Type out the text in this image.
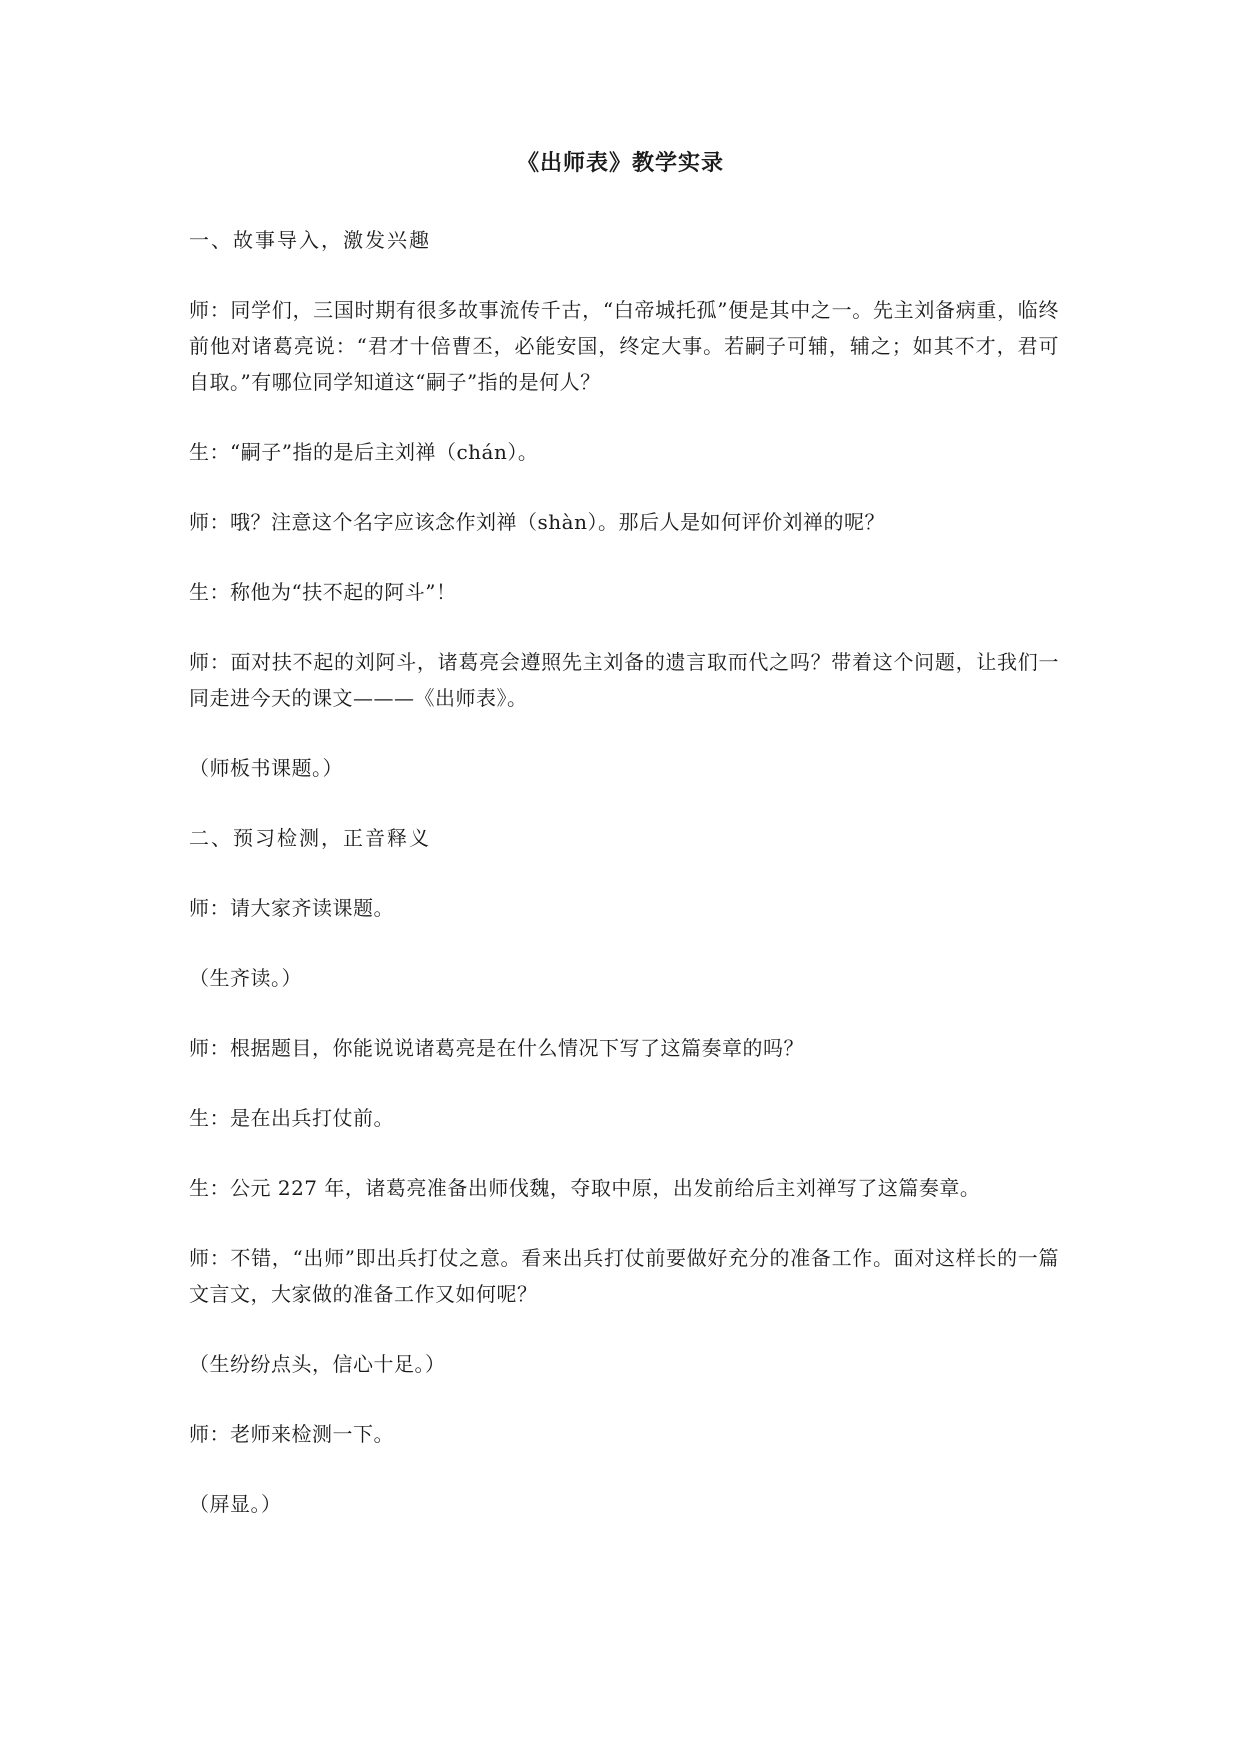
《出师表》教学实录

一、故事导入，激发兴趣

师：同学们，三国时期有很多故事流传千古，“白帝城托孤”便是其中之一。先主刘备病重，临终前他对诸葛亮说：“君才十倍曹丕，必能安国，终定大事。若嗣子可辅，辅之；如其不才，君可自取。”有哪位同学知道这“嗣子”指的是何人？

生：“嗣子”指的是后主刘禅（chán）。

师：哦？注意这个名字应该念作刘禅（shàn）。那后人是如何评价刘禅的呢？

生：称他为“扶不起的阿斗”！

师：面对扶不起的刘阿斗，诸葛亮会遵照先主刘备的遗言取而代之吗？带着这个问题，让我们一同走进今天的课文———《出师表》。

（师板书课题。）

二、预习检测，正音释义

师：请大家齐读课题。

（生齐读。）

师：根据题目，你能说说诸葛亮是在什么情况下写了这篇奏章的吗？

生：是在出兵打仗前。

生：公元 227 年，诸葛亮准备出师伐魏，夺取中原，出发前给后主刘禅写了这篇奏章。

师：不错，“出师”即出兵打仗之意。看来出兵打仗前要做好充分的准备工作。面对这样长的一篇文言文，大家做的准备工作又如何呢？

（生纷纷点头，信心十足。）

师：老师来检测一下。

（屏显。）
